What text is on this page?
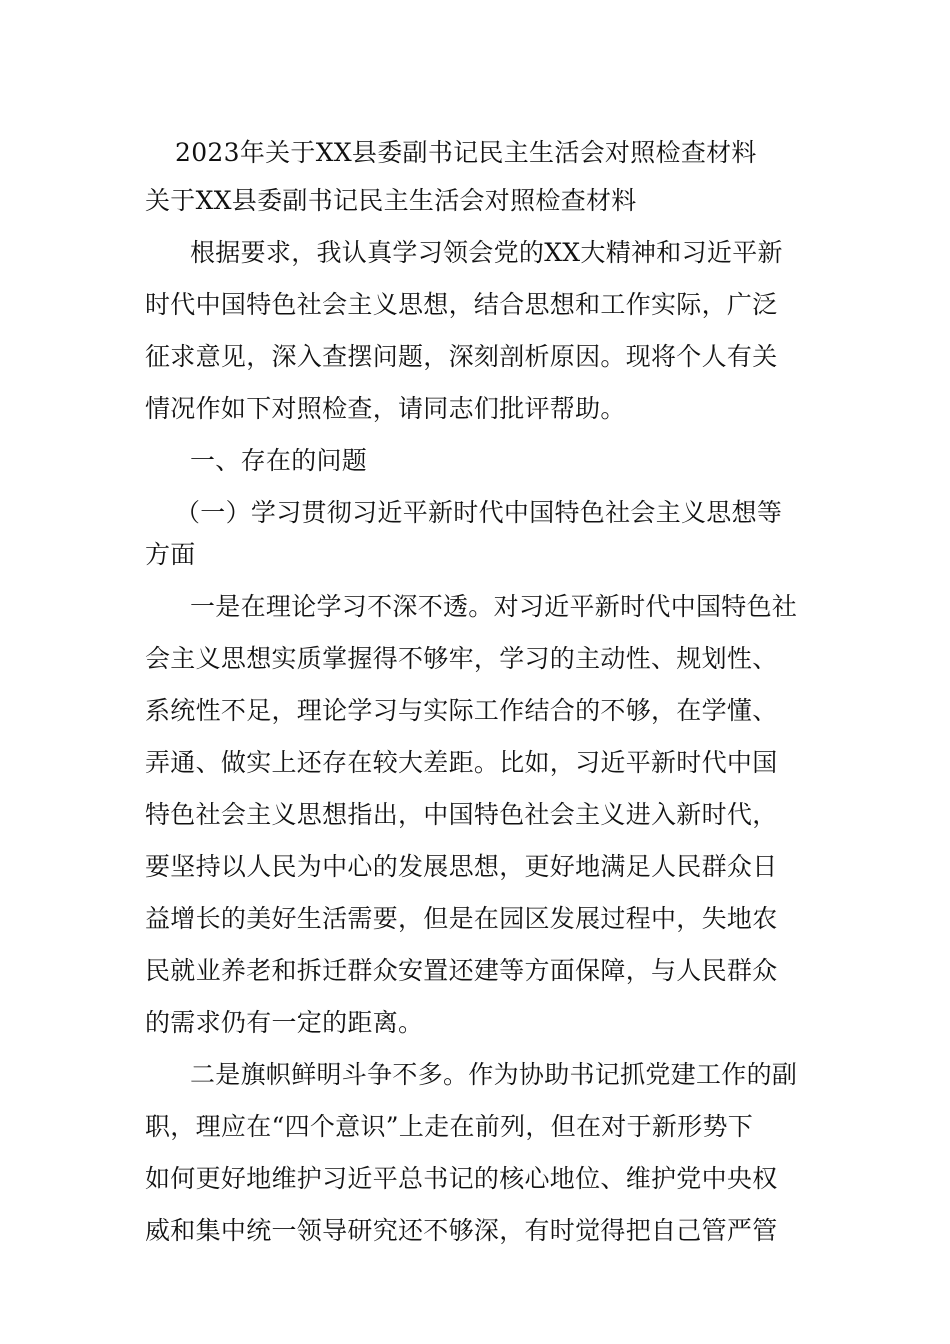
2023年关于XX县委副书记民主生活会对照检查材料
关于XX县委副书记民主生活会对照检查材料
根据要求，我认真学习领会党的XX大精神和习近平新
时代中国特色社会主义思想，结合思想和工作实际，广泛
征求意见，深入查摆问题，深刻剖析原因。现将个人有关
情况作如下对照检查，请同志们批评帮助。
一、存在的问题
（一）学习贯彻习近平新时代中国特色社会主义思想等
方面
一是在理论学习不深不透。对习近平新时代中国特色社
会主义思想实质掌握得不够牢，学习的主动性、规划性、
系统性不足，理论学习与实际工作结合的不够，在学懂、
弄通、做实上还存在较大差距。比如，习近平新时代中国
特色社会主义思想指出，中国特色社会主义进入新时代，
要坚持以人民为中心的发展思想，更好地满足人民群众日
益增长的美好生活需要，但是在园区发展过程中，失地农
民就业养老和拆迁群众安置还建等方面保障，与人民群众
的需求仍有一定的距离。
二是旗帜鲜明斗争不多。作为协助书记抓党建工作的副
职，理应在“四个意识”上走在前列，但在对于新形势下
如何更好地维护习近平总书记的核心地位、维护党中央权
威和集中统一领导研究还不够深，有时觉得把自己管严管
